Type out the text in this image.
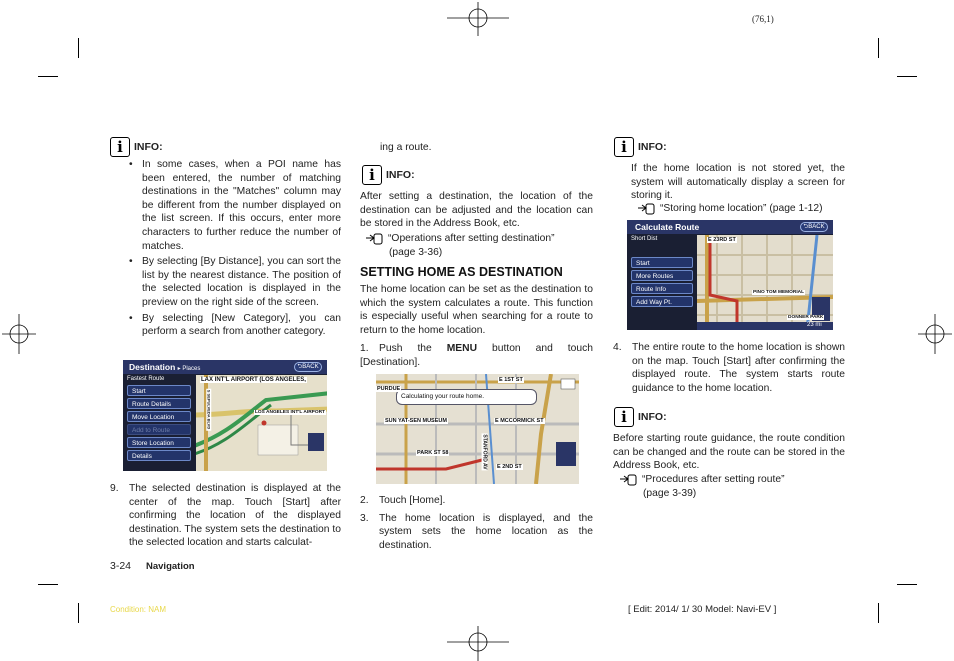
(76,1)
i	INFO:
• In some cases, when a POI name has been entered, the number of matching destinations in the "Matches" column may be different from the number displayed on the list screen. If this occurs, enter more characters to further reduce the number of matches.
• By selecting [By Distance], you can sort the list by the nearest distance. The position of the selected location is displayed in the preview on the right side of the screen.
• By selecting [New Category], you can perform a search from another category.
Destination ▸ Places	⮌BACK
Fastest Route	LAX INT'L AIRPORT (LOS ANGELES,
LOS ANGELES INT'L AIRPORT
S SEPULVEDA BLVD
Start
Route Details
Move Location
Add to Route
Store Location
Details
9. The selected destination is displayed at the center of the map. Touch [Start] after confirming the location of the displayed destination. The system sets the destination to the selected location and starts calculat-
3-24 Navigation
Condition: NAM	[ Edit: 2014/ 1/ 30 Model: Navi-EV ]
ing a route.
i	INFO:
After setting a destination, the location of the destination can be adjusted and the location can be stored in the Address Book, etc.
“Operations after setting destination”
(page 3-36)
SETTING HOME AS DESTINATION
The home location can be set as the destination to which the system calculates a route. This function is especially useful when searching for a route to return to the home location.
1. Push the MENU button and touch [Destination].
Calculating your route home.
PURDUE
E 1ST ST
SUN YAT-SEN MUSEUM	E MCCORMICK ST
PARK ST 58
E 2ND ST
STANFORD AV
2. Touch [Home].
3. The home location is displayed, and the system sets the home location as the destination.
i	INFO:
If the home location is not stored yet, the system will automatically display a screen for storing it.
“Storing home location” (page 1-12)
Calculate Route	⮌BACK
Short Dist	E 23RD ST
PINO TOM MEMORIAL
DONNER PARK
23 mi
Start
More Routes
Route Info
Add Way Pt.
4. The entire route to the home location is shown on the map. Touch [Start] after confirming the displayed route. The system starts route guidance to the home location.
i	INFO:
Before starting route guidance, the route condition can be changed and the route can be stored in the Address Book, etc.
“Procedures after setting route”
(page 3-39)
